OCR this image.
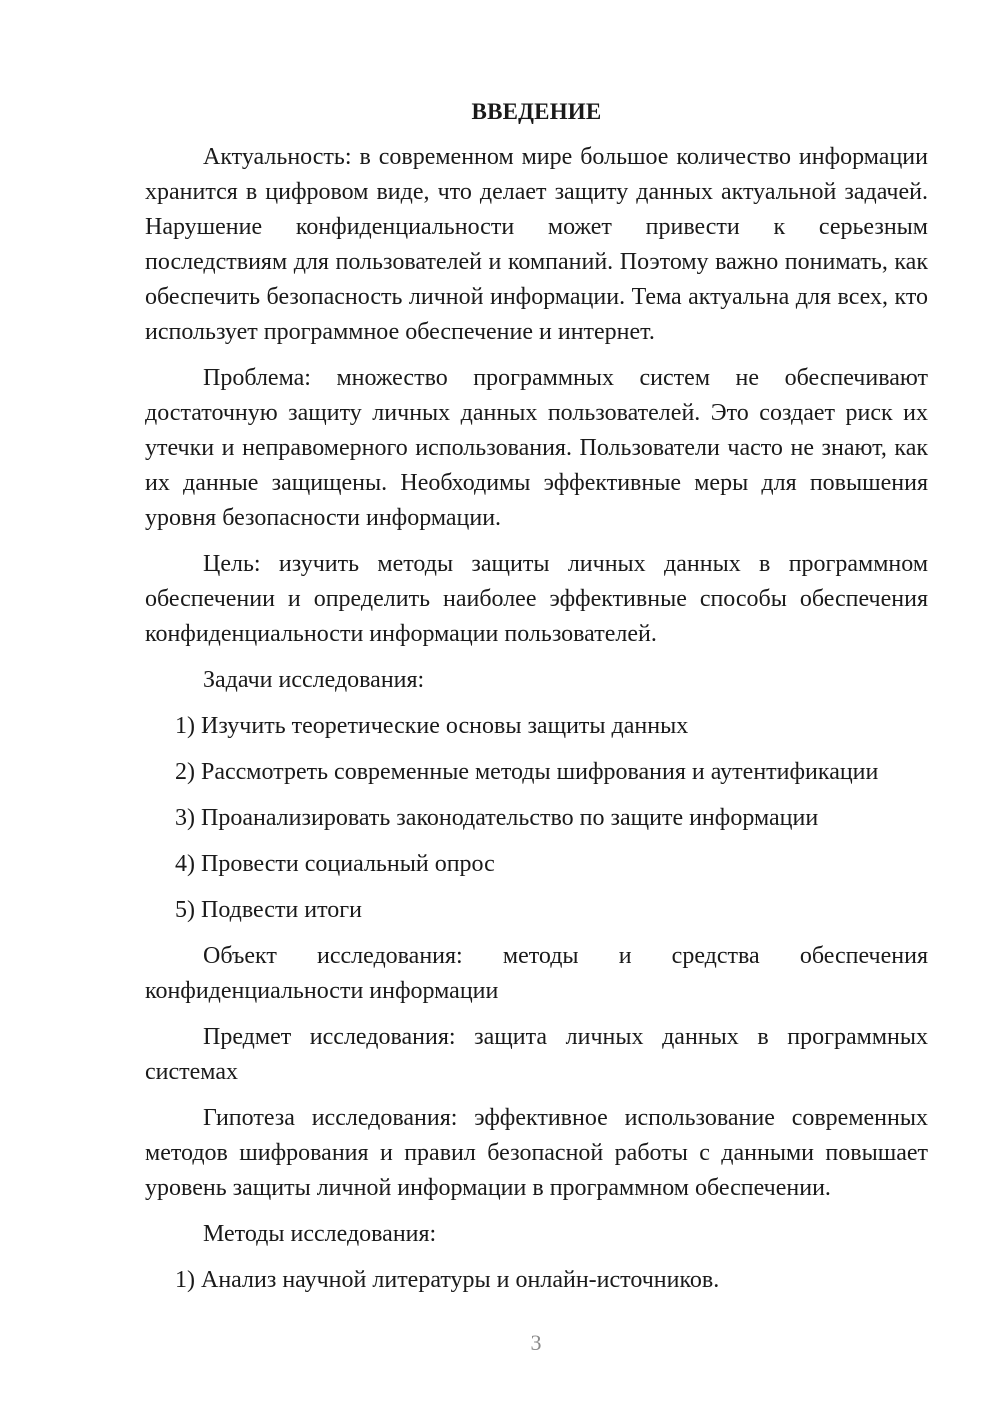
ВВЕДЕНИЕ

Актуальность: в современном мире большое количество информации хранится в цифровом виде, что делает защиту данных актуальной задачей. Нарушение конфиденциальности может привести к серьезным последствиям для пользователей и компаний. Поэтому важно понимать, как обеспечить безопасность личной информации. Тема актуальна для всех, кто использует программное обеспечение и интернет.

Проблема: множество программных систем не обеспечивают достаточную защиту личных данных пользователей. Это создает риск их утечки и неправомерного использования. Пользователи часто не знают, как их данные защищены. Необходимы эффективные меры для повышения уровня безопасности информации.

Цель: изучить методы защиты личных данных в программном обеспечении и определить наиболее эффективные способы обеспечения конфиденциальности информации пользователей.

Задачи исследования:

1) Изучить теоретические основы защиты данных

2) Рассмотреть современные методы шифрования и аутентификации

3) Проанализировать законодательство по защите информации

4) Провести социальный опрос

5) Подвести итоги

Объект исследования: методы и средства обеспечения конфиденциальности информации

Предмет исследования: защита личных данных в программных системах

Гипотеза исследования: эффективное использование современных методов шифрования и правил безопасной работы с данными повышает уровень защиты личной информации в программном обеспечении.

Методы исследования:

1) Анализ научной литературы и онлайн-источников.

3
